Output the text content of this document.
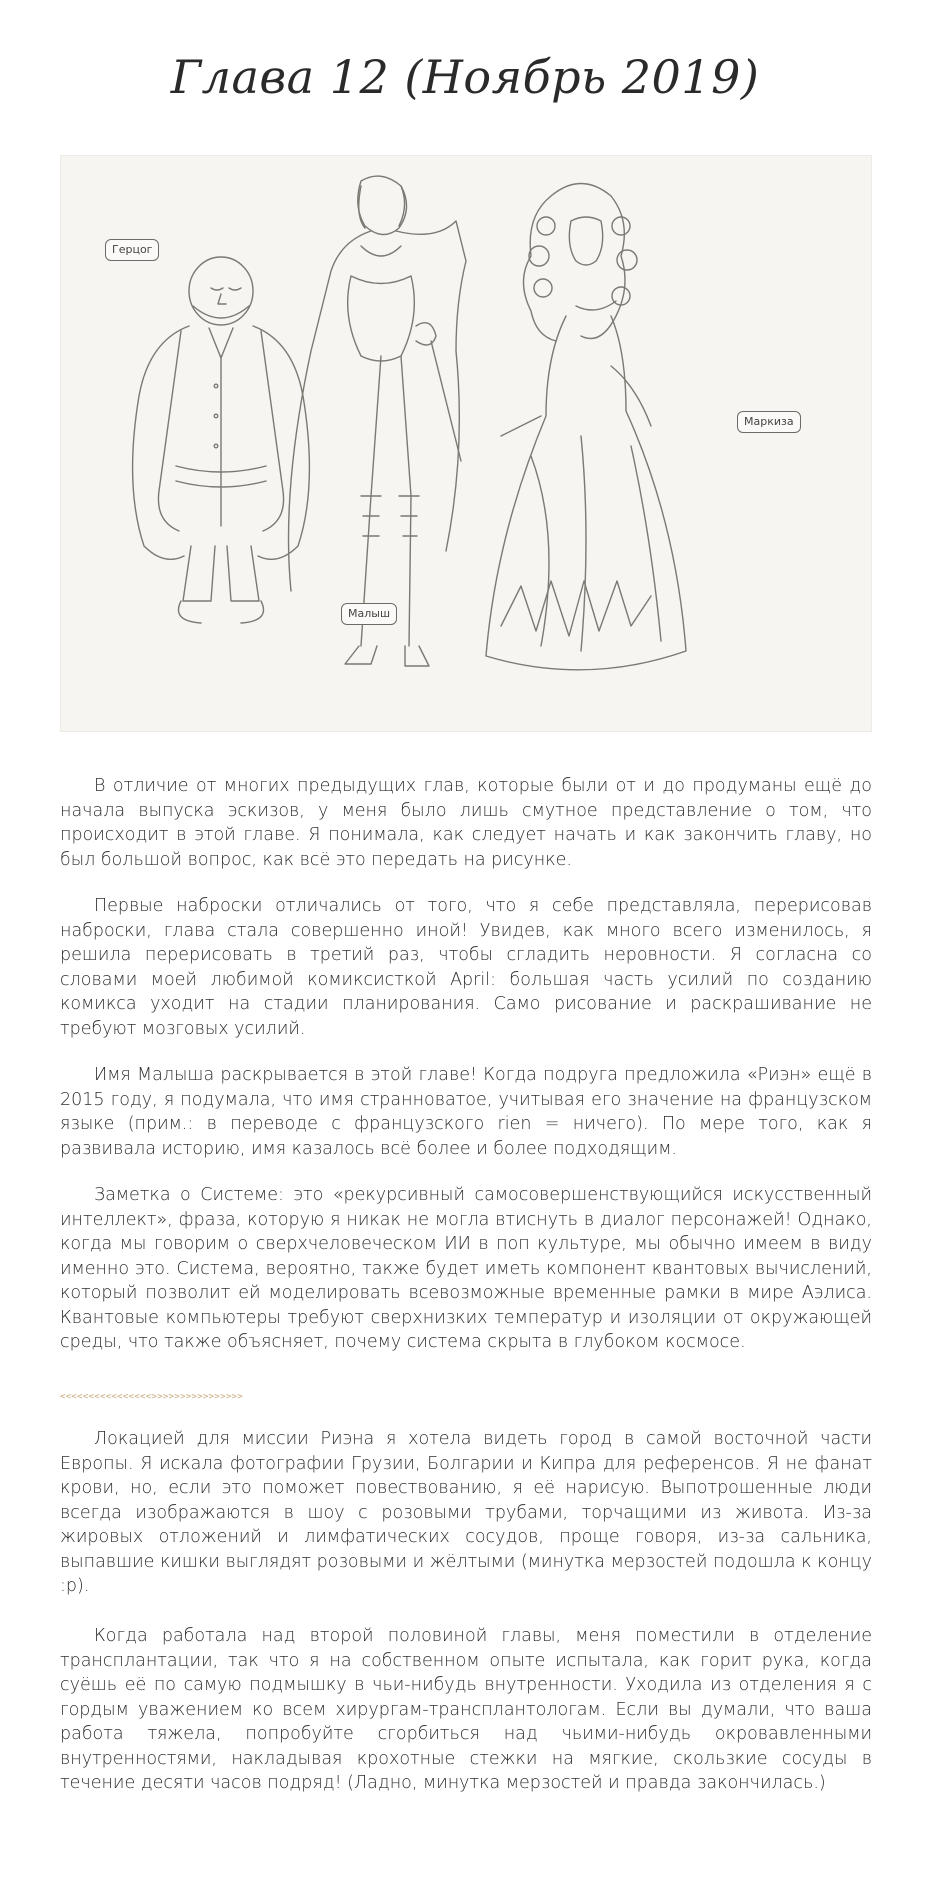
Глава 12 (Ноябрь 2019)
Герцог
Малыш
Маркиза

В отличие от многих предыдущих глав, которые были от и до продуманы ещё до начала выпуска эскизов, у меня было лишь смутное представление о том, что происходит в этой главе. Я понимала, как следует начать и как закончить главу, но был большой вопрос, как всё это передать на рисунке.

Первые наброски отличались от того, что я себе представляла, перерисовав наброски, глава стала совершенно иной! Увидев, как много всего изменилось, я решила перерисовать в третий раз, чтобы сгладить неровности. Я согласна со словами моей любимой комиксисткой April: большая часть усилий по созданию комикса уходит на стадии планирования. Само рисование и раскрашивание не требуют мозговых усилий.

Имя Малыша раскрывается в этой главе! Когда подруга предложила «Риэн» ещё в 2015 году, я подумала, что имя странноватое, учитывая его значение на французском языке (прим.: в переводе с французского rien = ничего). По мере того, как я развивала историю, имя казалось всё более и более подходящим.

Заметка о Системе: это «рекурсивный самосовершенствующийся искусственный интеллект», фраза, которую я никак не могла втиснуть в диалог персонажей! Однако, когда мы говорим о сверхчеловеческом ИИ в поп культуре, мы обычно имеем в виду именно это. Система, вероятно, также будет иметь компонент квантовых вычислений, который позволит ей моделировать всевозможные временные рамки в мире Аэлиса. Квантовые компьютеры требуют сверхнизких температур и изоляции от окружающей среды, что также объясняет, почему система скрыта в глубоком космосе.

<<<<<<<<<<<<<<<<>>>>>>>>>>>>>>>>

Локацией для миссии Риэна я хотела видеть город в самой восточной части Европы. Я искала фотографии Грузии, Болгарии и Кипра для референсов. Я не фанат крови, но, если это поможет повествованию, я её нарисую. Выпотрошенные люди всегда изображаются в шоу с розовыми трубами, торчащими из живота. Из-за жировых отложений и лимфатических сосудов, проще говоря, из-за сальника, выпавшие кишки выглядят розовыми и жёлтыми (минутка мерзостей подошла к концу :p).

Когда работала над второй половиной главы, меня поместили в отделение трансплантации, так что я на собственном опыте испытала, как горит рука, когда суёшь её по самую подмышку в чьи-нибудь внутренности. Уходила из отделения я с гордым уважением ко всем хирургам-трансплантологам. Если вы думали, что ваша работа тяжела, попробуйте сгорбиться над чьими-нибудь окровавленными внутренностями, накладывая крохотные стежки на мягкие, скользкие сосуды в течение десяти часов подряд! (Ладно, минутка мерзостей и правда закончилась.)
